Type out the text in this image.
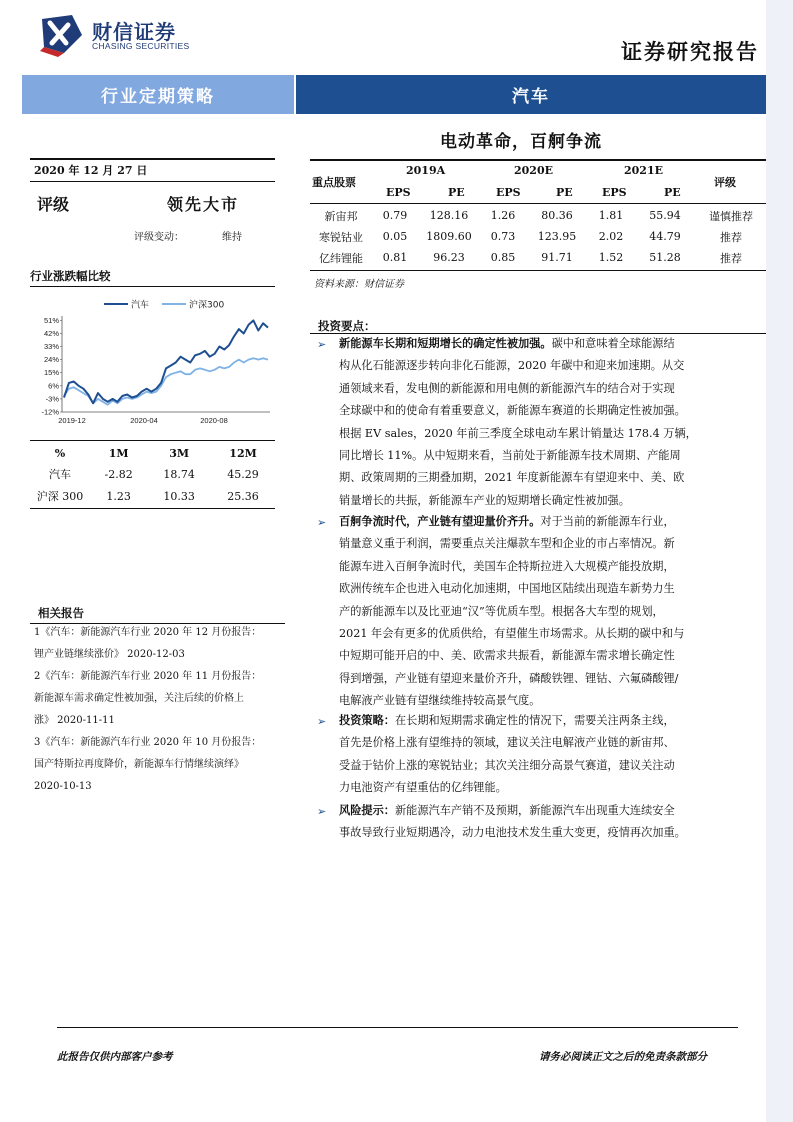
财信证券
CHASING SECURITIES	证券研究报告
行业定期策略	汽车
电动革命，百舸争流
2020 年 12 月 27 日
评级	领先大市
评级变动：	维持
行业涨跌幅比较
51%
42%
33%
24%
15%
6%
-3%
-12%
2019-12	2020-04	2020-08
汽车	沪深300
%	1M	3M	12M
汽车	-2.82	18.74	45.29
沪深 300	1.23	10.33	25.36
相关报告
1《汽车：新能源汽车行业 2020 年 12 月份报告：
锂产业链继续涨价》 2020-12-03
2《汽车：新能源汽车行业 2020 年 11 月份报告：
新能源车需求确定性被加强，关注后续的价格上
涨》 2020-11-11
3《汽车：新能源汽车行业 2020 年 10 月份报告：
国产特斯拉再度降价，新能源车行情继续演绎》
2020-10-13
重点股票
2019A	2020E	2021E
评级
EPS	PE	EPS	PE	EPS	PE
新宙邦	0.79	128.16	1.26	80.36	1.81	55.94	谨慎推荐
寒锐钴业	0.05	1809.60	0.73	123.95	2.02	44.79	推荐
亿纬锂能	0.81	96.23	0.85	91.71	1.52	51.28	推荐
资料来源：财信证券
投资要点：
➢ 新能源车长期和短期增长的确定性被加强。碳中和意味着全球能源结
构从化石能源逐步转向非化石能源，2020 年碳中和迎来加速期。从交
通领域来看，发电侧的新能源和用电侧的新能源汽车的结合对于实现
全球碳中和的使命有着重要意义，新能源车赛道的长期确定性被加强。
根据 EV sales，2020 年前三季度全球电动车累计销量达 178.4 万辆，
同比增长 11%。从中短期来看，当前处于新能源车技术周期、产能周
期、政策周期的三期叠加期，2021 年度新能源车有望迎来中、美、欧
销量增长的共振，新能源车产业的短期增长确定性被加强。
➢ 百舸争流时代，产业链有望迎量价齐升。对于当前的新能源车行业，
销量意义重于利润，需要重点关注爆款车型和企业的市占率情况。新
能源车进入百舸争流时代，美国车企特斯拉进入大规模产能投放期，
欧洲传统车企也进入电动化加速期，中国地区陆续出现造车新势力生
产的新能源车以及比亚迪“汉”等优质车型。根据各大车型的规划，
2021 年会有更多的优质供给，有望催生市场需求。从长期的碳中和与
中短期可能开启的中、美、欧需求共振看，新能源车需求增长确定性
得到增强，产业链有望迎来量价齐升，磷酸铁锂、锂钴、六氟磷酸锂/
电解液产业链有望继续维持较高景气度。
➢ 投资策略：在长期和短期需求确定性的情况下，需要关注两条主线，
首先是价格上涨有望维持的领域，建议关注电解液产业链的新宙邦、
受益于钴价上涨的寒锐钴业；其次关注细分高景气赛道，建议关注动
力电池资产有望重估的亿纬锂能。
➢ 风险提示：新能源汽车产销不及预期，新能源汽车出现重大连续安全
事故导致行业短期遇冷，动力电池技术发生重大变更，疫情再次加重。
此报告仅供内部客户参考	请务必阅读正文之后的免责条款部分
